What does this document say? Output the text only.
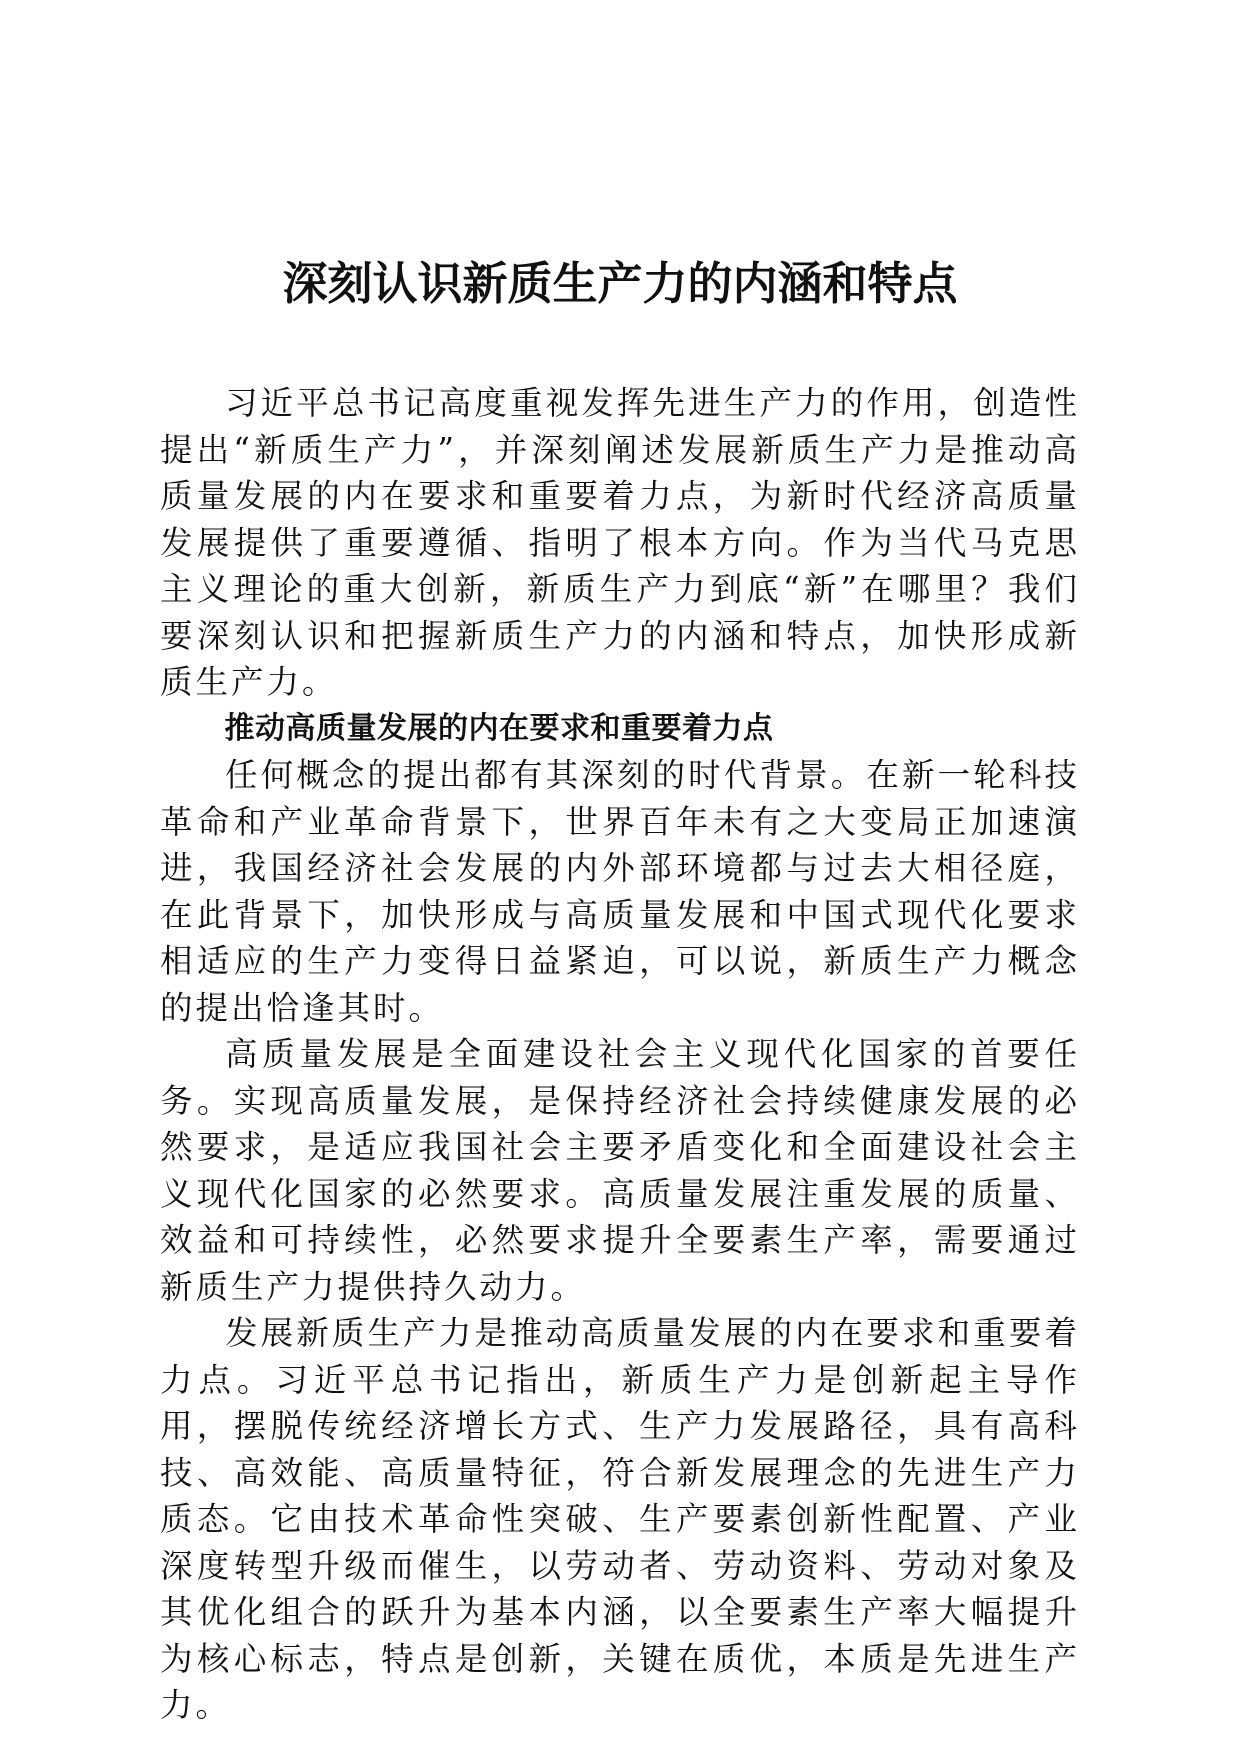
深刻认识新质生产力的内涵和特点

习近平总书记高度重视发挥先进生产力的作用，创造性提出“新质生产力”，并深刻阐述发展新质生产力是推动高质量发展的内在要求和重要着力点，为新时代经济高质量发展提供了重要遵循、指明了根本方向。作为当代马克思主义理论的重大创新，新质生产力到底“新”在哪里？我们要深刻认识和把握新质生产力的内涵和特点，加快形成新质生产力。

推动高质量发展的内在要求和重要着力点

任何概念的提出都有其深刻的时代背景。在新一轮科技革命和产业革命背景下，世界百年未有之大变局正加速演进，我国经济社会发展的内外部环境都与过去大相径庭，在此背景下，加快形成与高质量发展和中国式现代化要求相适应的生产力变得日益紧迫，可以说，新质生产力概念的提出恰逢其时。

高质量发展是全面建设社会主义现代化国家的首要任务。实现高质量发展，是保持经济社会持续健康发展的必然要求，是适应我国社会主要矛盾变化和全面建设社会主义现代化国家的必然要求。高质量发展注重发展的质量、效益和可持续性，必然要求提升全要素生产率，需要通过新质生产力提供持久动力。

发展新质生产力是推动高质量发展的内在要求和重要着力点。习近平总书记指出，新质生产力是创新起主导作用，摆脱传统经济增长方式、生产力发展路径，具有高科技、高效能、高质量特征，符合新发展理念的先进生产力质态。它由技术革命性突破、生产要素创新性配置、产业深度转型升级而催生，以劳动者、劳动资料、劳动对象及其优化组合的跃升为基本内涵，以全要素生产率大幅提升为核心标志，特点是创新，关键在质优，本质是先进生产力。
